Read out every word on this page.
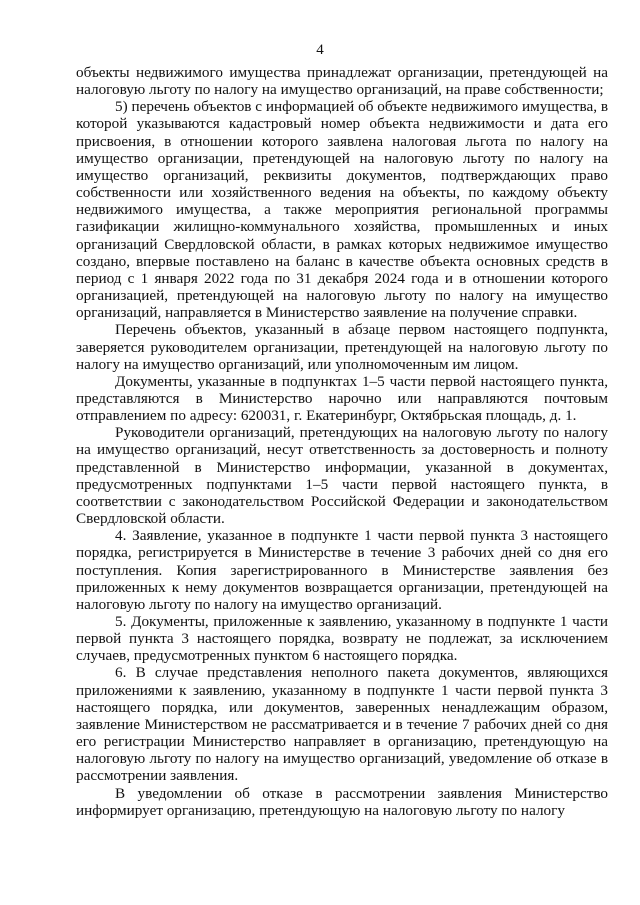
4

объекты недвижимого имущества принадлежат организации, претендующей на налоговую льготу по налогу на имущество организаций, на праве собственности;

5) перечень объектов с информацией об объекте недвижимого имущества, в которой указываются кадастровый номер объекта недвижимости и дата его присвоения, в отношении которого заявлена налоговая льгота по налогу на имущество организации, претендующей на налоговую льготу по налогу на имущество организаций, реквизиты документов, подтверждающих право собственности или хозяйственного ведения на объекты, по каждому объекту недвижимого имущества, а также мероприятия региональной программы газификации жилищно-коммунального хозяйства, промышленных и иных организаций Свердловской области, в рамках которых недвижимое имущество создано, впервые поставлено на баланс в качестве объекта основных средств в период с 1 января 2022 года по 31 декабря 2024 года и в отношении которого организацией, претендующей на налоговую льготу по налогу на имущество организаций, направляется в Министерство заявление на получение справки.

Перечень объектов, указанный в абзаце первом настоящего подпункта, заверяется руководителем организации, претендующей на налоговую льготу по налогу на имущество организаций, или уполномоченным им лицом.

Документы, указанные в подпунктах 1–5 части первой настоящего пункта, представляются в Министерство нарочно или направляются почтовым отправлением по адресу: 620031, г. Екатеринбург, Октябрьская площадь, д. 1.

Руководители организаций, претендующих на налоговую льготу по налогу на имущество организаций, несут ответственность за достоверность и полноту представленной в Министерство информации, указанной в документах, предусмотренных подпунктами 1–5 части первой настоящего пункта, в соответствии с законодательством Российской Федерации и законодательством Свердловской области.

4. Заявление, указанное в подпункте 1 части первой пункта 3 настоящего порядка, регистрируется в Министерстве в течение 3 рабочих дней со дня его поступления. Копия зарегистрированного в Министерстве заявления без приложенных к нему документов возвращается организации, претендующей на налоговую льготу по налогу на имущество организаций.

5. Документы, приложенные к заявлению, указанному в подпункте 1 части первой пункта 3 настоящего порядка, возврату не подлежат, за исключением случаев, предусмотренных пунктом 6 настоящего порядка.

6. В случае представления неполного пакета документов, являющихся приложениями к заявлению, указанному в подпункте 1 части первой пункта 3 настоящего порядка, или документов, заверенных ненадлежащим образом, заявление Министерством не рассматривается и в течение 7 рабочих дней со дня его регистрации Министерство направляет в организацию, претендующую на налоговую льготу по налогу на имущество организаций, уведомление об отказе в рассмотрении заявления.

В уведомлении об отказе в рассмотрении заявления Министерство информирует организацию, претендующую на налоговую льготу по налогу
